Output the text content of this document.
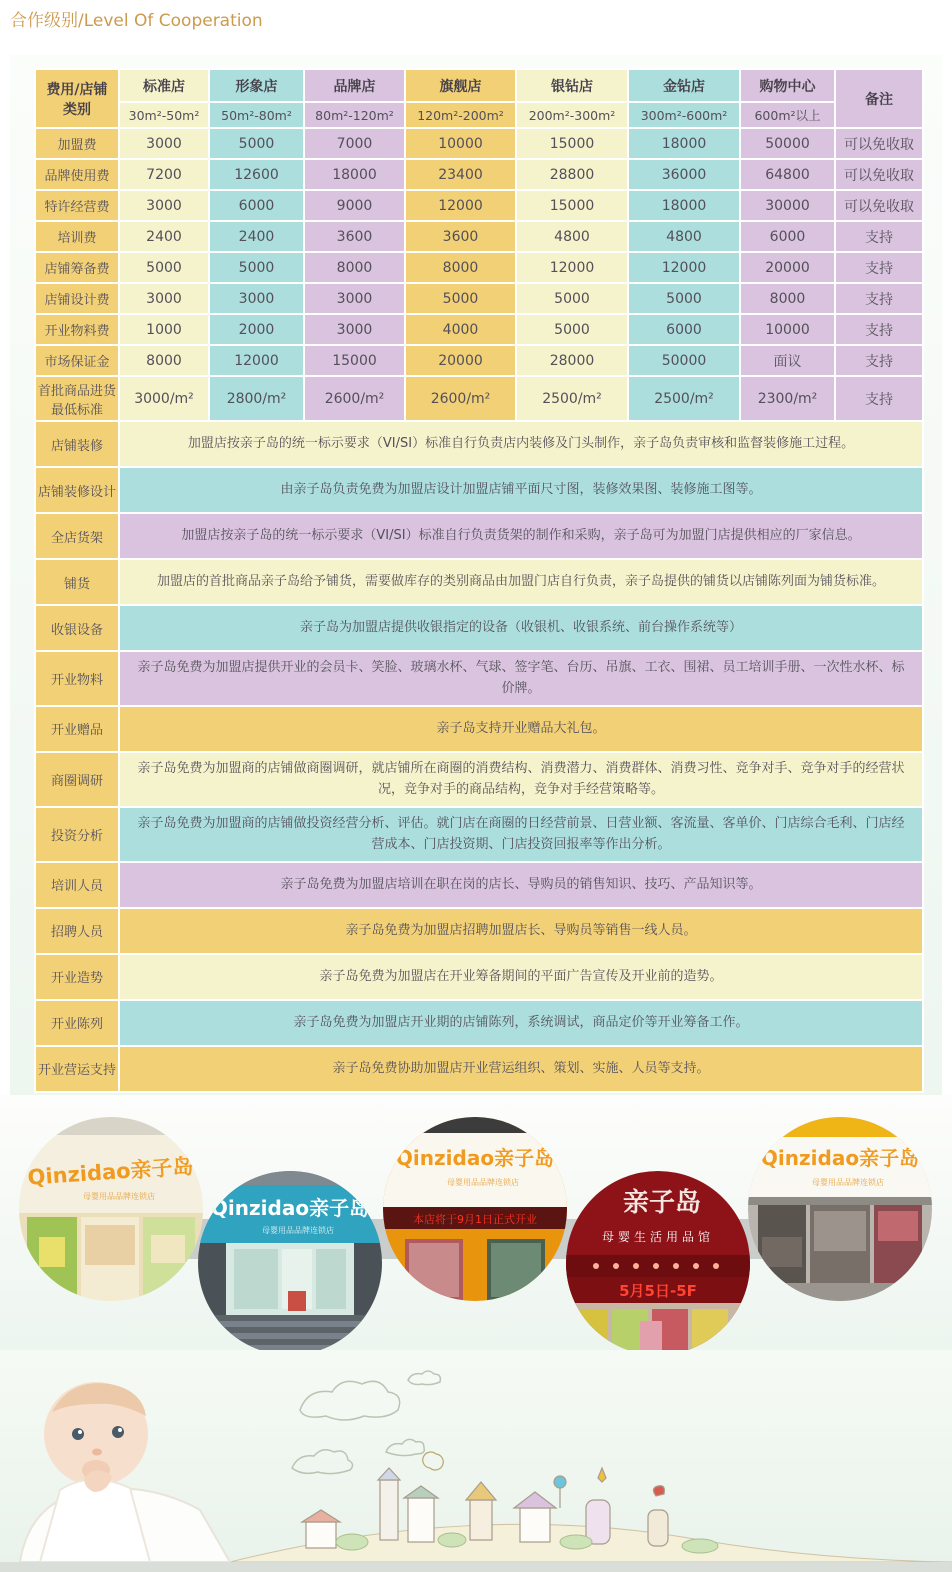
合作级别/Level Of Cooperation
费用/店铺类别	标准店	形象店	品牌店	旗舰店	银钻店	金钻店	购物中心	备注
	30m²-50m²	50m²-80m²	80m²-120m²	120m²-200m²	200m²-300m²	300m²-600m²	600m²以上	
加盟费	3000	5000	7000	10000	15000	18000	50000	可以免收取
品牌使用费	7200	12600	18000	23400	28800	36000	64800	可以免收取
特许经营费	3000	6000	9000	12000	15000	18000	30000	可以免收取
培训费	2400	2400	3600	3600	4800	4800	6000	支持
店铺筹备费	5000	5000	8000	8000	12000	12000	20000	支持
店铺设计费	3000	3000	3000	5000	5000	5000	8000	支持
开业物料费	1000	2000	3000	4000	5000	6000	10000	支持
市场保证金	8000	12000	15000	20000	28000	50000	面议	支持
首批商品进货最低标准	3000/m²	2800/m²	2600/m²	2600/m²	2500/m²	2500/m²	2300/m²	支持
店铺装修	加盟店按亲子岛的统一标示要求（VI/SI）标准自行负责店内装修及门头制作，亲子岛负责审核和监督装修施工过程。							
店铺装修设计	由亲子岛负责免费为加盟店设计加盟店铺平面尺寸图，装修效果图、装修施工图等。							
全店货架	加盟店按亲子岛的统一标示要求（VI/SI）标准自行负责货架的制作和采购，亲子岛可为加盟门店提供相应的厂家信息。							
铺货	加盟店的首批商品亲子岛给予铺货，需要做库存的类别商品由加盟门店自行负责，亲子岛提供的铺货以店铺陈列面为铺货标准。							
收银设备	亲子岛为加盟店提供收银指定的设备（收银机、收银系统、前台操作系统等）							
开业物料	亲子岛免费为加盟店提供开业的会员卡、笑脸、玻璃水杯、气球、签字笔、台历、吊旗、工衣、围裙、员工培训手册、一次性水杯、标价牌。							
开业赠品	亲子岛支持开业赠品大礼包。							
商圈调研	亲子岛免费为加盟商的店铺做商圈调研，就店铺所在商圈的消费结构、消费潜力、消费群体、消费习性、竞争对手、竞争对手的经营状况，竞争对手的商品结构，竞争对手经营策略等。							
投资分析	亲子岛免费为加盟商的店铺做投资经营分析、评估。就门店在商圈的日经营前景、日营业额、客流量、客单价、门店综合毛利、门店经营成本、门店投资期、门店投资回报率等作出分析。							
培训人员	亲子岛免费为加盟店培训在职在岗的店长、导购员的销售知识、技巧、产品知识等。							
招聘人员	亲子岛免费为加盟店招聘加盟店长、导购员等销售一线人员。							
开业造势	亲子岛免费为加盟店在开业筹备期间的平面广告宣传及开业前的造势。							
开业陈列	亲子岛免费为加盟店开业期的店铺陈列，系统调试，商品定价等开业筹备工作。							
开业营运支持	亲子岛免费协助加盟店开业营运组织、策划、实施、人员等支持。							
Qinzidao亲子岛
母婴用品品牌连锁店	Qinzidao亲子岛
母婴用品品牌连锁店
Qinzidao亲子岛
母婴用品品牌连锁店
本店将于9月1日正式开业
亲子岛
母婴生活用品馆
5月5日-5F
Qinzidao亲子岛
母婴用品品牌连锁店
